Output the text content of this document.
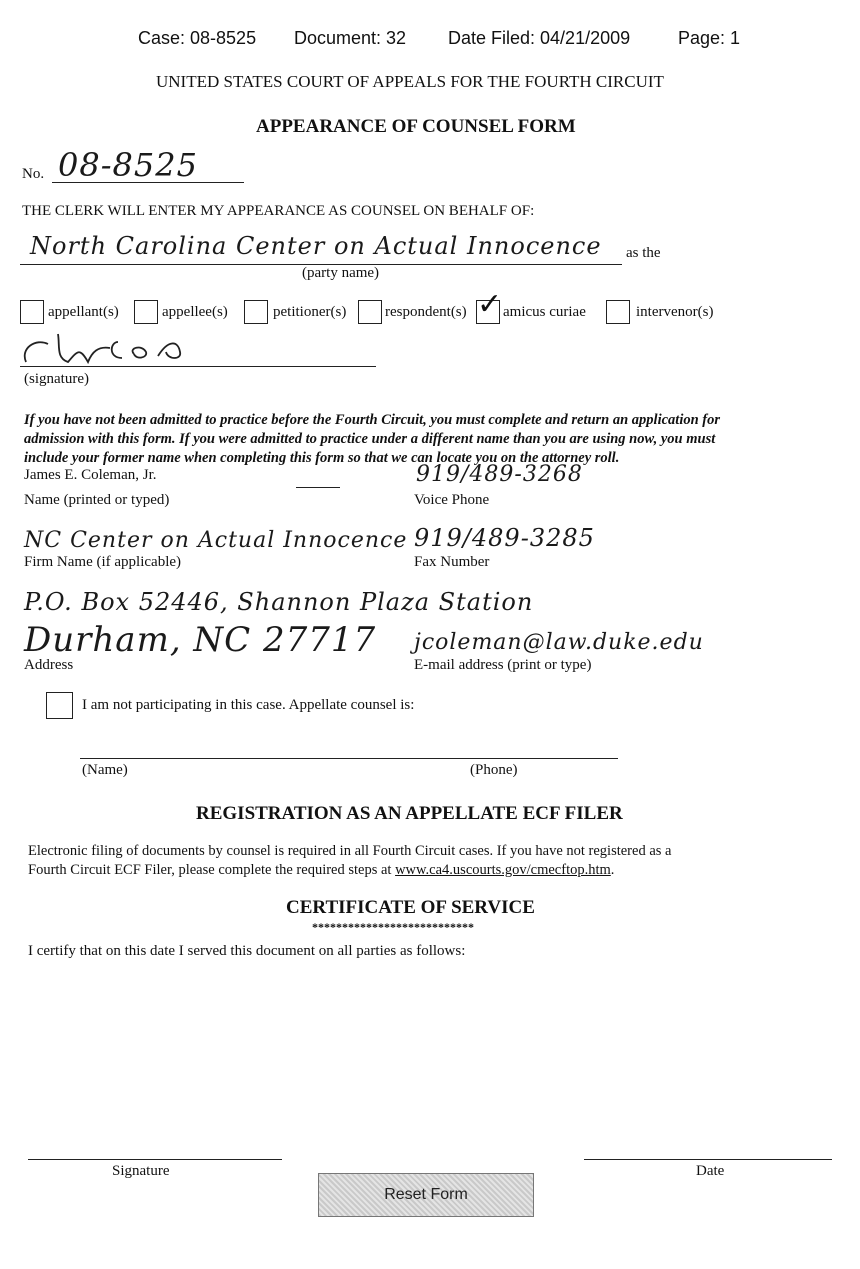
Case: 08-8525 Document: 32 Date Filed: 04/21/2009	Page: 1
UNITED STATES COURT OF APPEALS FOR THE FOURTH CIRCUIT
APPEARANCE OF COUNSEL FORM
No. 08-8525
THE CLERK WILL ENTER MY APPEARANCE AS COUNSEL ON BEHALF OF:
North Carolina Center on Actual Innocence as the
(party name)
appellant(s)	appellee(s)	petitioner(s)	respondent(s) ✓ amicus curiae	intervenor(s)
(signature)
If you have not been admitted to practice before the Fourth Circuit, you must complete and return an application for
admission with this form. If you were admitted to practice under a different name than you are using now, you must
include your former name when completing this form so that we can locate you on the attorney roll.
James E. Coleman, Jr.
Name (printed or typed)
919/489-3268
Voice Phone
NC Center on Actual Innocence
Firm Name (if applicable)
919/489-3285
Fax Number
P.O. Box 52446, Shannon Plaza Station
Durham, NC 27717
Address
jcoleman@law.duke.edu
E-mail address (print or type)
I am not participating in this case. Appellate counsel is:
(Name)	(Phone)
REGISTRATION AS AN APPELLATE ECF FILER
Electronic filing of documents by counsel is required in all Fourth Circuit cases. If you have not registered as a
Fourth Circuit ECF Filer, please complete the required steps at www.ca4.uscourts.gov/cmecftop.htm.
CERTIFICATE OF SERVICE
***************************
I certify that on this date I served this document on all parties as follows:
Signature	Date
Reset Form
